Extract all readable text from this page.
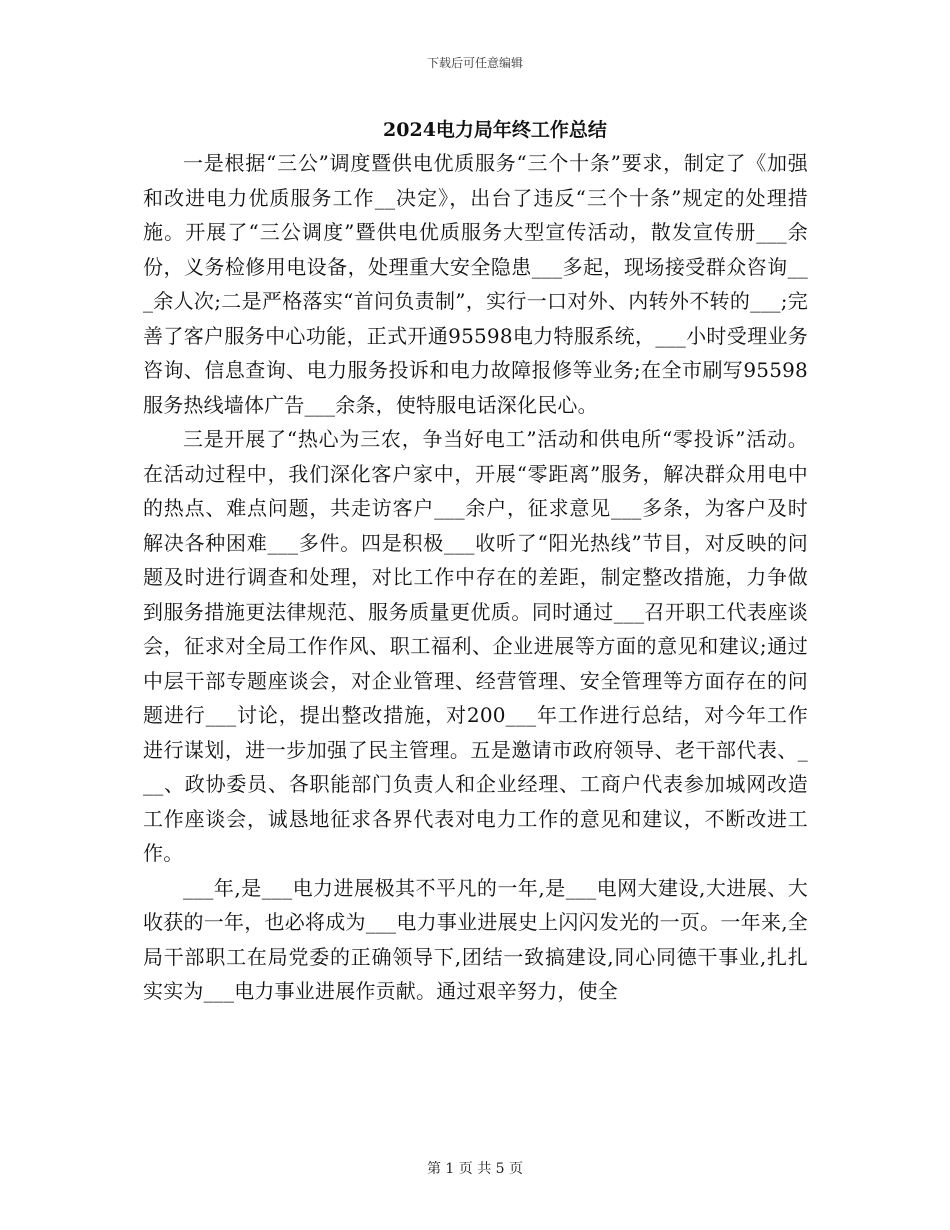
下载后可任意编辑
2024电力局年终工作总结

一是根据“三公”调度暨供电优质服务“三个十条”要求，制定了《加强和改进电力优质服务工作__决定》，出台了违反“三个十条”规定的处理措施。开展了“三公调度”暨供电优质服务大型宣传活动，散发宣传册___余份，义务检修用电设备，处理重大安全隐患___多起，现场接受群众咨询___余人次;二是严格落实“首问负责制”，实行一口对外、内转外不转的___;完善了客户服务中心功能，正式开通95598电力特服系统，___小时受理业务咨询、信息查询、电力服务投诉和电力故障报修等业务;在全市刷写95598服务热线墙体广告___余条，使特服电话深化民心。

三是开展了“热心为三农，争当好电工”活动和供电所“零投诉”活动。在活动过程中，我们深化客户家中，开展“零距离”服务，解决群众用电中的热点、难点问题，共走访客户___余户，征求意见___多条，为客户及时解决各种困难___多件。四是积极___收听了“阳光热线”节目，对反映的问题及时进行调查和处理，对比工作中存在的差距，制定整改措施，力争做到服务措施更法律规范、服务质量更优质。同时通过___召开职工代表座谈会，征求对全局工作作风、职工福利、企业进展等方面的意见和建议;通过中层干部专题座谈会，对企业管理、经营管理、安全管理等方面存在的问题进行___讨论，提出整改措施，对200___年工作进行总结，对今年工作进行谋划，进一步加强了民主管理。五是邀请市政府领导、老干部代表、___、政协委员、各职能部门负责人和企业经理、工商户代表参加城网改造工作座谈会，诚恳地征求各界代表对电力工作的意见和建议，不断改进工作。

___年,是___电力进展极其不平凡的一年,是___电网大建设,大进展、大收获的一年，也必将成为___电力事业进展史上闪闪发光的一页。一年来,全局干部职工在局党委的正确领导下,团结一致搞建设,同心同德干事业,扎扎实实为___电力事业进展作贡献。通过艰辛努力，使全

第 1 页 共 5 页
